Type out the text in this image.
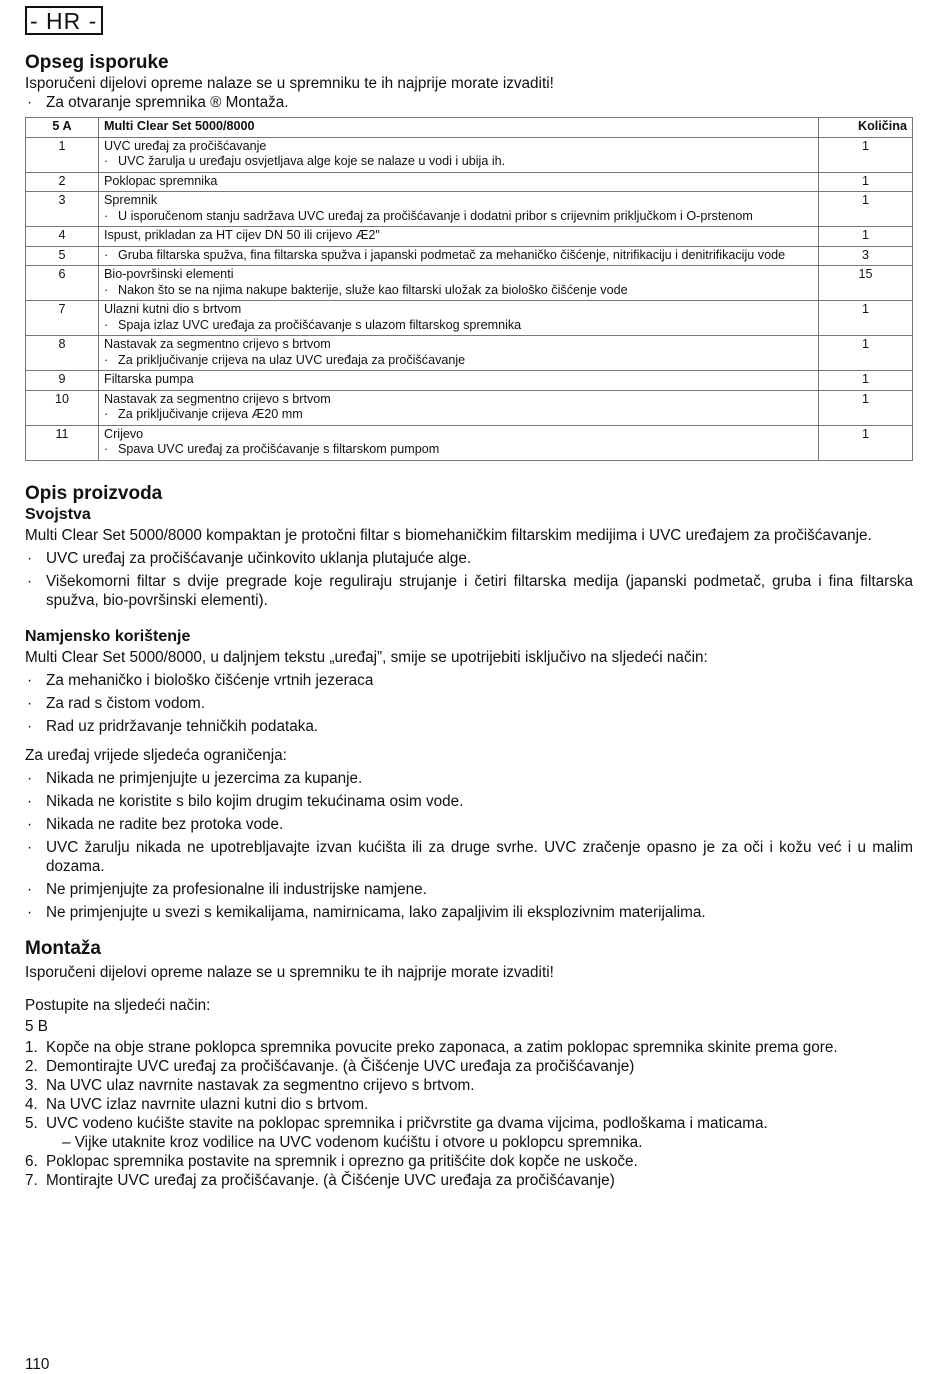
- HR -
Opseg isporuke

Isporučeni dijelovi opreme nalaze se u spremniku te ih najprije morate izvaditi!

· Za otvaranje spremnika ® Montaža.
5 A	Multi Clear Set 5000/8000	Količina
1	UVC uređaj za pročišćavanje
· UVC žarulja u uređaju osvjetljava alge koje se nalaze u vodi i ubija ih.	1
2	Poklopac spremnika	1
3	Spremnik
· U isporučenom stanju sadržava UVC uređaj za pročišćavanje i dodatni pribor s crijevnim priključkom i O-prstenom	1
4	Ispust, prikladan za HT cijev DN 50 ili crijevo Æ2"	1
5	· Gruba filtarska spužva, fina filtarska spužva i japanski podmetač za mehaničko čišćenje, nitrifikaciju i denitrifikaciju vode	3
6	Bio-površinski elementi
· Nakon što se na njima nakupe bakterije, služe kao filtarski uložak za biološko čišćenje vode	15
7	Ulazni kutni dio s brtvom
· Spaja izlaz UVC uređaja za pročišćavanje s ulazom filtarskog spremnika	1
8	Nastavak za segmentno crijevo s brtvom
· Za priključivanje crijeva na ulaz UVC uređaja za pročišćavanje	1
9	Filtarska pumpa	1
10	Nastavak za segmentno crijevo s brtvom
· Za priključivanje crijeva Æ20 mm	1
11	Crijevo
· Spava UVC uređaj za pročišćavanje s filtarskom pumpom	1
Opis proizvoda
Svojstva

Multi Clear Set 5000/8000 kompaktan je protočni filtar s biomehaničkim filtarskim medijima i UVC uređajem za pročišćavanje.

· UVC uređaj za pročišćavanje učinkovito uklanja plutajuće alge.
· Višekomorni filtar s dvije pregrade koje reguliraju strujanje i četiri filtarska medija (japanski podmetač, gruba i fina filtarska spužva, bio-površinski elementi).
Namjensko korištenje

Multi Clear Set 5000/8000, u daljnjem tekstu „uređaj”, smije se upotrijebiti isključivo na sljedeći način:

· Za mehaničko i biološko čišćenje vrtnih jezeraca
· Za rad s čistom vodom.
· Rad uz pridržavanje tehničkih podataka.

Za uređaj vrijede sljedeća ograničenja:

· Nikada ne primjenjujte u jezercima za kupanje.
· Nikada ne koristite s bilo kojim drugim tekućinama osim vode.
· Nikada ne radite bez protoka vode.
· UVC žarulju nikada ne upotrebljavajte izvan kućišta ili za druge svrhe. UVC zračenje opasno je za oči i kožu već i u malim dozama.
· Ne primjenjujte za profesionalne ili industrijske namjene.
· Ne primjenjujte u svezi s kemikalijama, namirnicama, lako zapaljivim ili eksplozivnim materijalima.
Montaža

Isporučeni dijelovi opreme nalaze se u spremniku te ih najprije morate izvaditi!

Postupite na sljedeći način:

5 B

1. Kopče na obje strane poklopca spremnika povucite preko zaponaca, a zatim poklopac spremnika skinite prema gore.
2. Demontirajte UVC uređaj za pročišćavanje. (à Čišćenje UVC uređaja za pročišćavanje)
3. Na UVC ulaz navrnite nastavak za segmentno crijevo s brtvom.
4. Na UVC izlaz navrnite ulazni kutni dio s brtvom.
5. UVC vodeno kućište stavite na poklopac spremnika i pričvrstite ga dvama vijcima, podloškama i maticama.
– Vijke utaknite kroz vodilice na UVC vodenom kućištu i otvore u poklopcu spremnika.
6. Poklopac spremnika postavite na spremnik i oprezno ga pritišćite dok kopče ne uskoče.
7. Montirajte UVC uređaj za pročišćavanje. (à Čišćenje UVC uređaja za pročišćavanje)
110
